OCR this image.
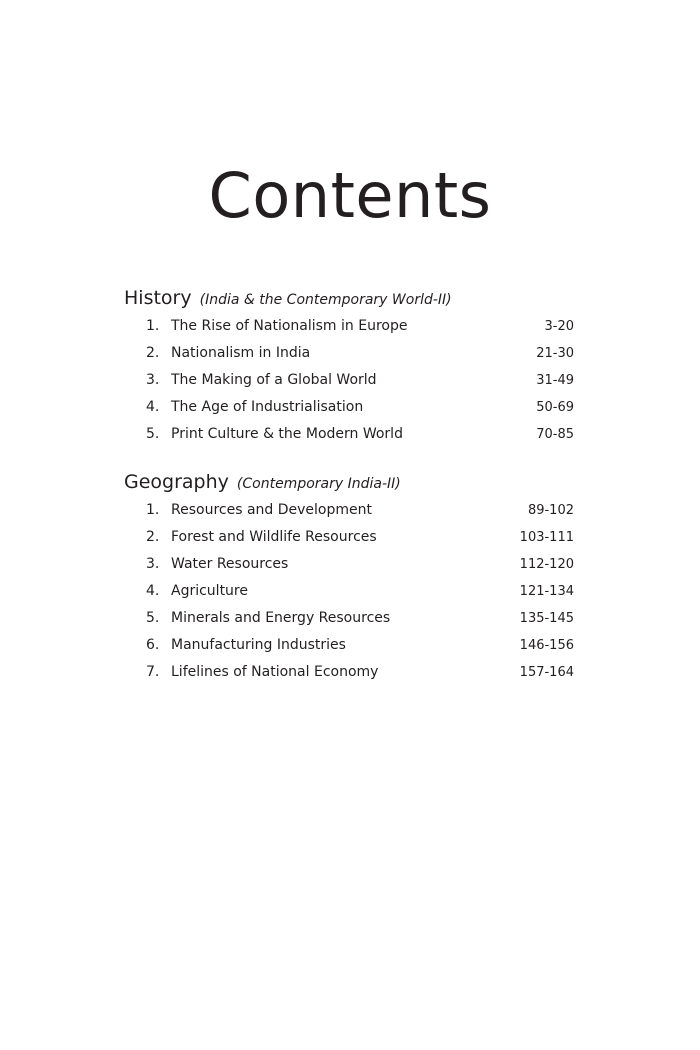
Contents
History (India & the Contemporary World-II)
1. The Rise of Nationalism in Europe	3-20
2. Nationalism in India	21-30
3. The Making of a Global World	31-49
4. The Age of Industrialisation	50-69
5. Print Culture & the Modern World	70-85
Geography (Contemporary India-II)
1. Resources and Development	89-102
2. Forest and Wildlife Resources	103-111
3. Water Resources	112-120
4. Agriculture	121-134
5. Minerals and Energy Resources	135-145
6. Manufacturing Industries	146-156
7. Lifelines of National Economy	157-164
